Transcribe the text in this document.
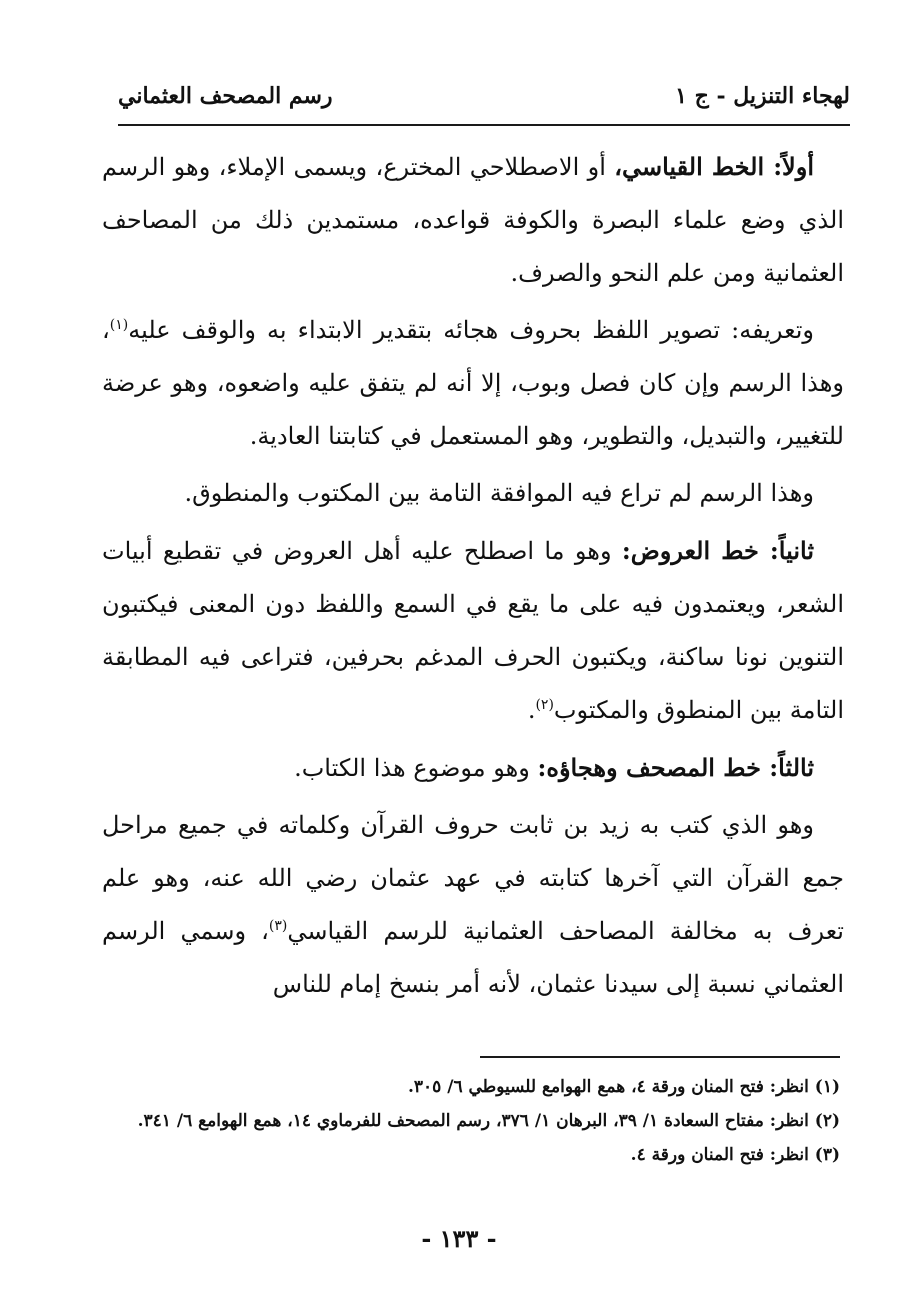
لهجاء التنزيل - ج ١
رسم المصحف العثماني

أولاً: الخط القياسي، أو الاصطلاحي المخترع، ويسمى الإملاء، وهو الرسم الذي وضع علماء البصرة والكوفة قواعده، مستمدين ذلك من المصاحف العثمانية ومن علم النحو والصرف.

وتعريفه: تصوير اللفظ بحروف هجائه بتقدير الابتداء به والوقف عليه$^{(١)}$، وهذا الرسم وإن كان فصل وبوب، إلا أنه لم يتفق عليه واضعوه، وهو عرضة للتغيير، والتبديل، والتطوير، وهو المستعمل في كتابتنا العادية.

وهذا الرسم لم تراع فيه الموافقة التامة بين المكتوب والمنطوق.

ثانياً: خط العروض: وهو ما اصطلح عليه أهل العروض في تقطيع أبيات الشعر، ويعتمدون فيه على ما يقع في السمع واللفظ دون المعنى فيكتبون التنوين نونا ساكنة، ويكتبون الحرف المدغم بحرفين، فتراعى فيه المطابقة التامة بين المنطوق والمكتوب$^{(٢)}$.

ثالثاً: خط المصحف وهجاؤه: وهو موضوع هذا الكتاب.

وهو الذي كتب به زيد بن ثابت حروف القرآن وكلماته في جميع مراحل جمع القرآن التي آخرها كتابته في عهد عثمان رضي الله عنه، وهو علم تعرف به مخالفة المصاحف العثمانية للرسم القياسي$^{(٣)}$، وسمي الرسم العثماني نسبة إلى سيدنا عثمان، لأنه أمر بنسخ إمام للناس

(١) انظر: فتح المنان ورقة ٤، همع الهوامع للسيوطي ٦/ ٣٠٥.
(٢) انظر: مفتاح السعادة ١/ ٣٩، البرهان ١/ ٣٧٦، رسم المصحف للفرماوي ١٤، همع الهوامع ٦/ ٣٤١.
(٣) انظر: فتح المنان ورقة ٤.
- ١٣٣ -
